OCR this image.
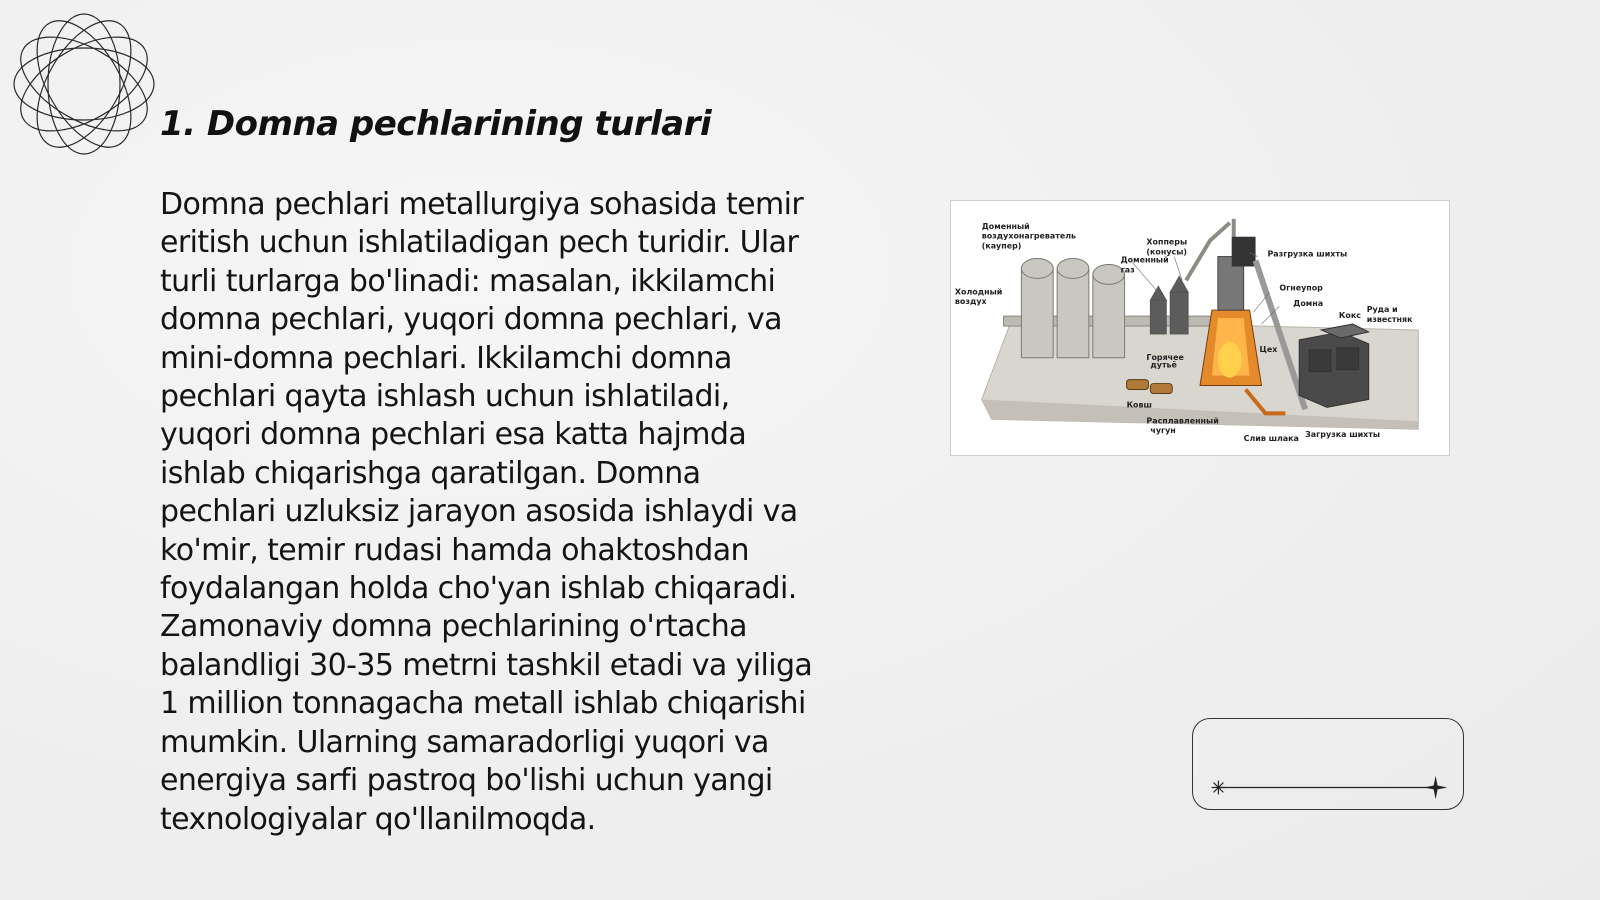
1. Domna pechlarining turlari
Domna pechlari metallurgiya sohasida temir
eritish uchun ishlatiladigan pech turidir. Ular
turli turlarga bo'linadi: masalan, ikkilamchi
domna pechlari, yuqori domna pechlari, va
mini-domna pechlari. Ikkilamchi domna
pechlari qayta ishlash uchun ishlatiladi,
yuqori domna pechlari esa katta hajmda
ishlab chiqarishga qaratilgan. Domna
pechlari uzluksiz jarayon asosida ishlaydi va
ko'mir, temir rudasi hamda ohaktoshdan
foydalangan holda cho'yan ishlab chiqaradi.
Zamonaviy domna pechlarining o'rtacha
balandligi 30-35 metrni tashkil etadi va yiliga
1 million tonnagacha metall ishlab chiqarishi
mumkin. Ularning samaradorligi yuqori va
energiya sarfi pastroq bo'lishi uchun yangi
texnologiyalar qo'llanilmoqda.
Доменный
воздухонагреватель
(каупер)
Холодный
воздух
Хопперы
(конусы)
Доменный
газ
Разгрузка шихты
Огнеупор
Домна
Кокс
Руда и
известняк
Горячее
дутьё
Цех
Ковш
Расплавленный
чугун
Слив шлака Загрузка шихты
